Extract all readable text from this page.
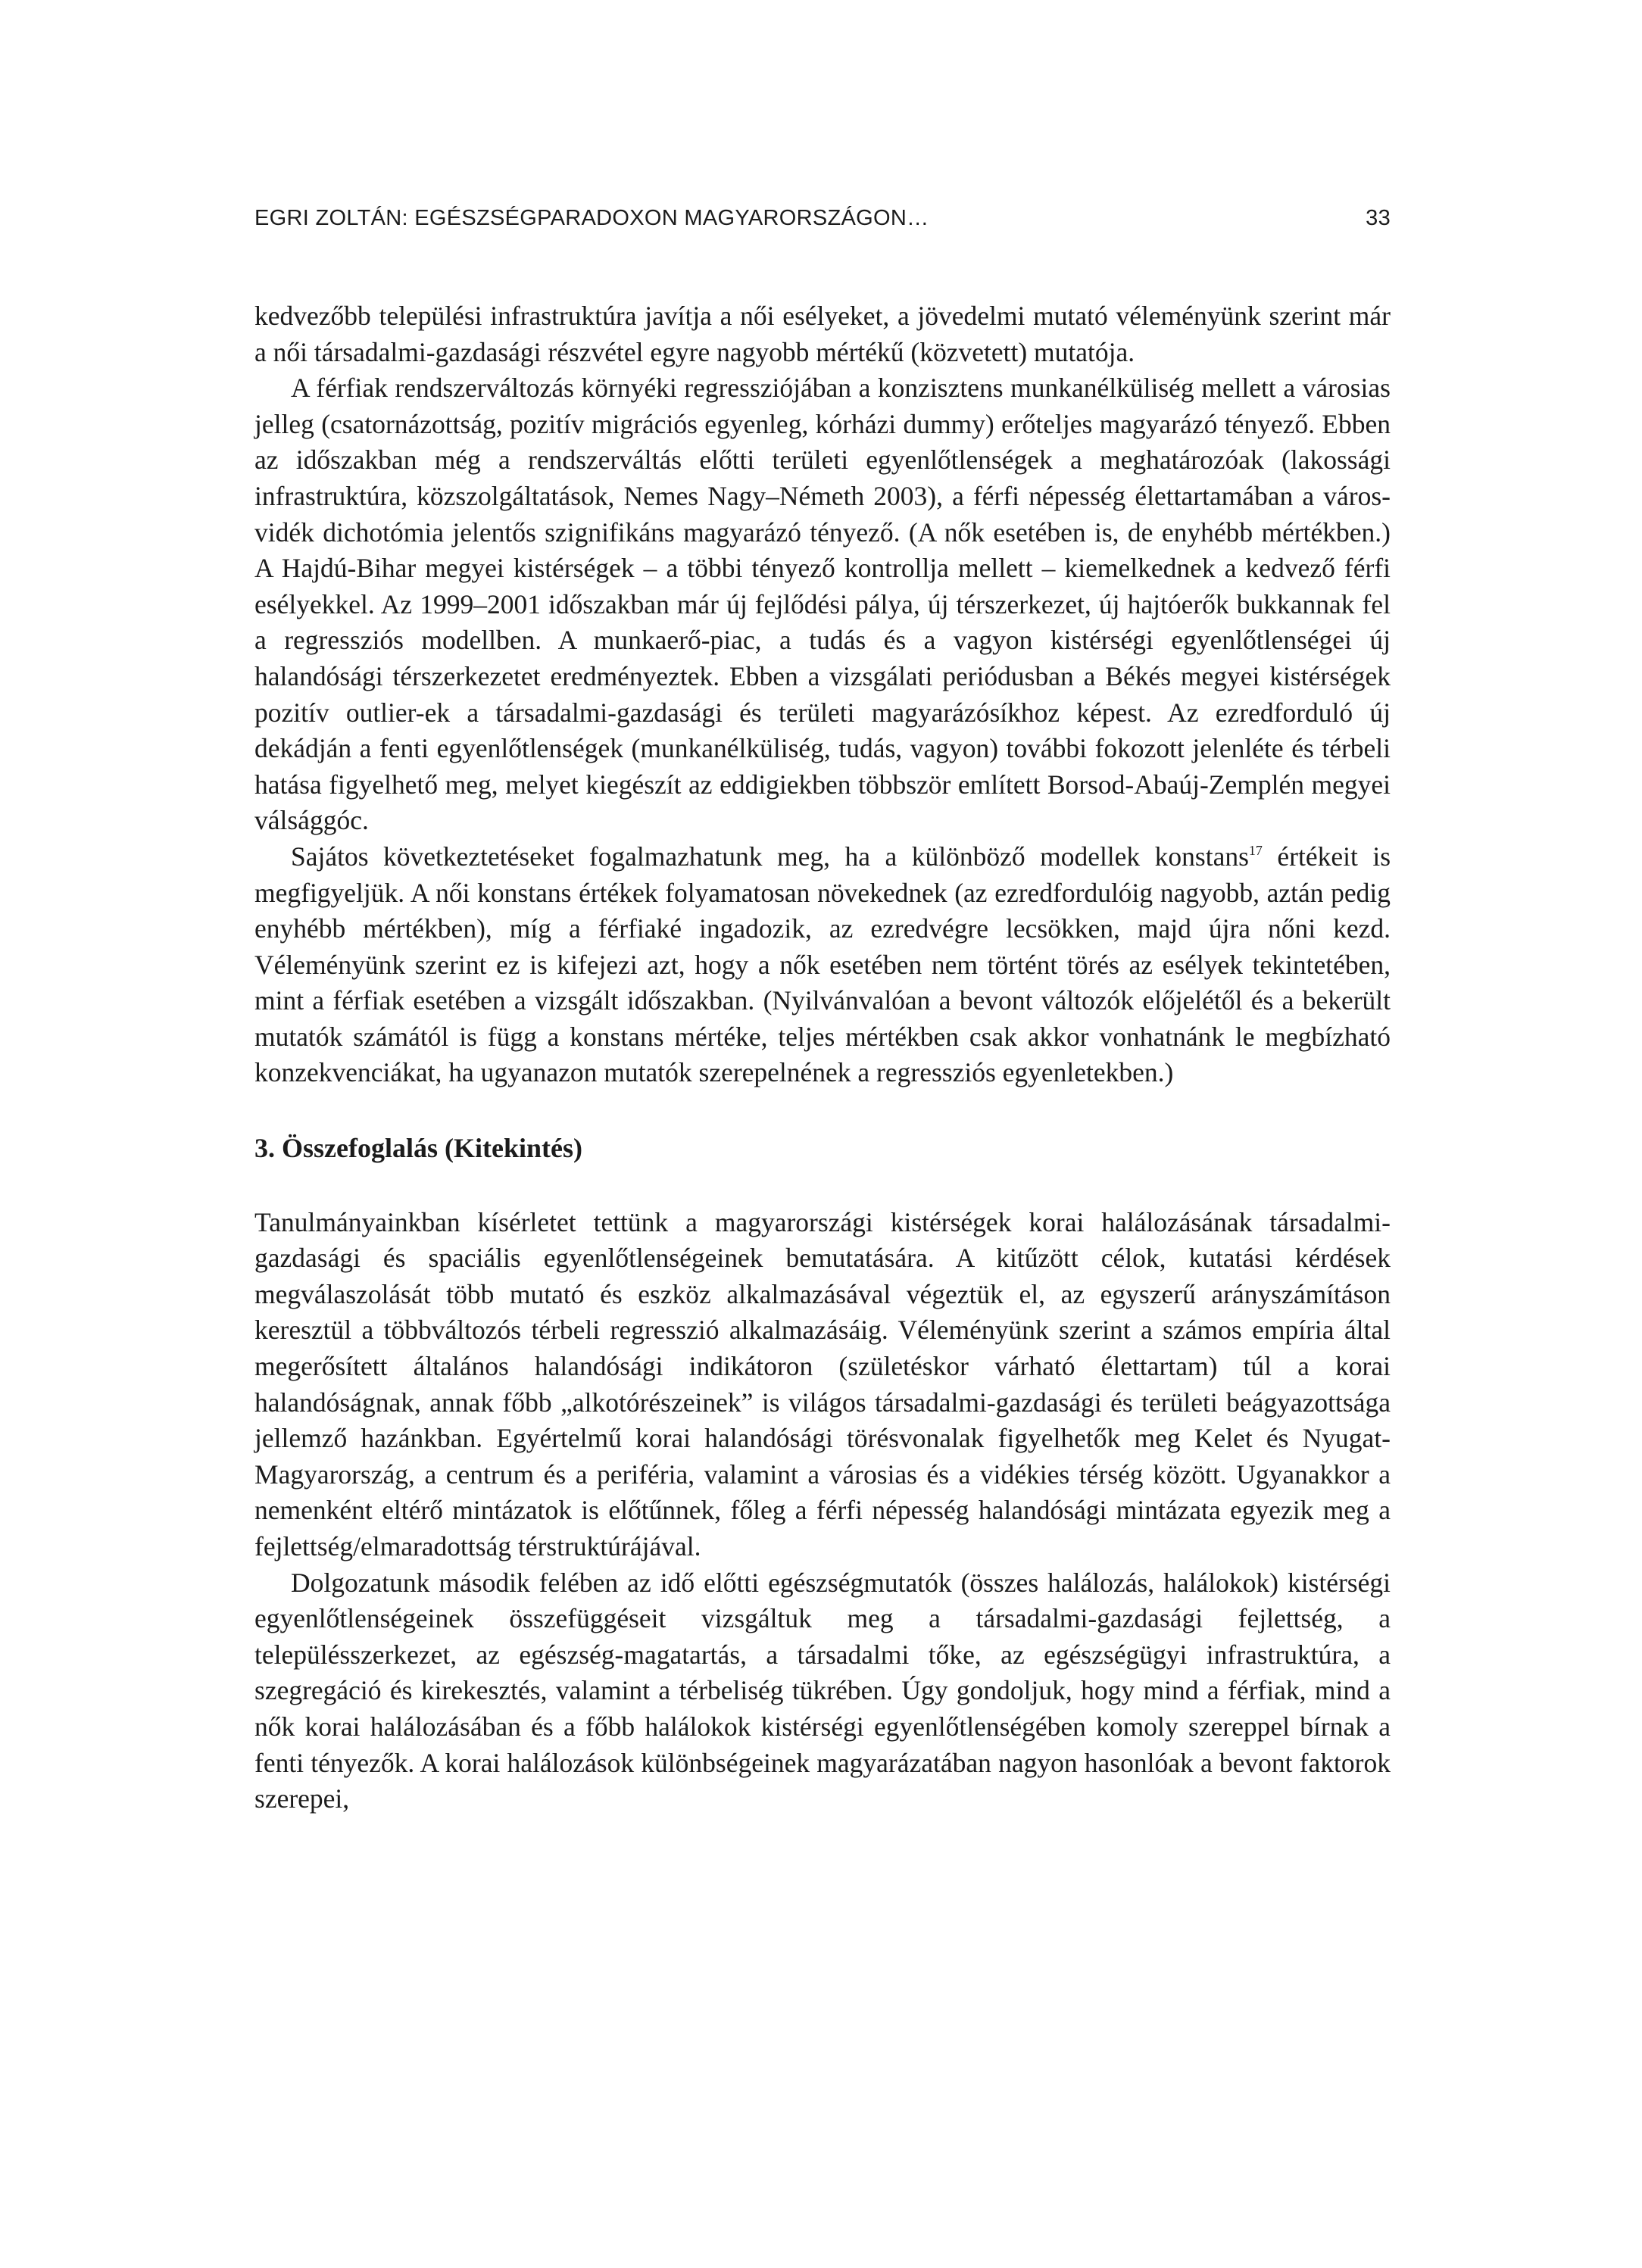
EGRI ZOLTÁN: EGÉSZSÉGPARADOXON MAGYARORSZÁGON…	33

kedvezőbb települési infrastruktúra javítja a női esélyeket, a jövedelmi mutató véleményünk szerint már a női társadalmi-gazdasági részvétel egyre nagyobb mértékű (közvetett) mutatója.

A férfiak rendszerváltozás környéki regressziójában a konzisztens munkanélküliség mellett a városias jelleg (csatornázottság, pozitív migrációs egyenleg, kórházi dummy) erőteljes magyarázó tényező. Ebben az időszakban még a rendszerváltás előtti területi egyenlőtlenségek a meghatározóak (lakossági infrastruktúra, közszolgáltatások, Nemes Nagy–Németh 2003), a férfi népesség élettartamában a város-vidék dichotómia jelentős szignifikáns magyarázó tényező. (A nők esetében is, de enyhébb mértékben.) A Hajdú-Bihar megyei kistérségek – a többi tényező kontrollja mellett – kiemelkednek a kedvező férfi esélyekkel. Az 1999–2001 időszakban már új fejlődési pálya, új térszerkezet, új hajtóerők bukkannak fel a regressziós modellben. A munkaerő-piac, a tudás és a vagyon kistérségi egyenlőtlenségei új halandósági térszerkezetet eredményeztek. Ebben a vizsgálati periódusban a Békés megyei kistérségek pozitív outlier-ek a társadalmi-gazdasági és területi magyarázósíkhoz képest. Az ezredforduló új dekádján a fenti egyenlőtlenségek (munkanélküliség, tudás, vagyon) további fokozott jelenléte és térbeli hatása figyelhető meg, melyet kiegészít az eddigiekben többször említett Borsod-Abaúj-Zemplén megyei válsággóc.

Sajátos következtetéseket fogalmazhatunk meg, ha a különböző modellek konstans$^{17}$ értékeit is megfigyeljük. A női konstans értékek folyamatosan növekednek (az ezredfordulóig nagyobb, aztán pedig enyhébb mértékben), míg a férfiaké ingadozik, az ezredvégre lecsökken, majd újra nőni kezd. Véleményünk szerint ez is kifejezi azt, hogy a nők esetében nem történt törés az esélyek tekintetében, mint a férfiak esetében a vizsgált időszakban. (Nyilvánvalóan a bevont változók előjelétől és a bekerült mutatók számától is függ a konstans mértéke, teljes mértékben csak akkor vonhatnánk le megbízható konzekvenciákat, ha ugyanazon mutatók szerepelnének a regressziós egyenletekben.)

3. Összefoglalás (Kitekintés)

Tanulmányainkban kísérletet tettünk a magyarországi kistérségek korai halálozásának társadalmi-gazdasági és spaciális egyenlőtlenségeinek bemutatására. A kitűzött célok, kutatási kérdések megválaszolását több mutató és eszköz alkalmazásával végeztük el, az egyszerű arányszámításon keresztül a többváltozós térbeli regresszió alkalmazásáig. Véleményünk szerint a számos empíria által megerősített általános halandósági indikátoron (születéskor várható élettartam) túl a korai halandóságnak, annak főbb „alkotórészeinek” is világos társadalmi-gazdasági és területi beágyazottsága jellemző hazánkban. Egyértelmű korai halandósági törésvonalak figyelhetők meg Kelet és Nyugat-Magyarország, a centrum és a periféria, valamint a városias és a vidékies térség között. Ugyanakkor a nemenként eltérő mintázatok is előtűnnek, főleg a férfi népesség halandósági mintázata egyezik meg a fejlettség/elmaradottság térstruktúrájával.

Dolgozatunk második felében az idő előtti egészségmutatók (összes halálozás, halálokok) kistérségi egyenlőtlenségeinek összefüggéseit vizsgáltuk meg a társadalmi-gazdasági fejlettség, a településszerkezet, az egészség-magatartás, a társadalmi tőke, az egészségügyi infrastruktúra, a szegregáció és kirekesztés, valamint a térbeliség tükrében. Úgy gondoljuk, hogy mind a férfiak, mind a nők korai halálozásában és a főbb halálokok kistérségi egyenlőtlenségében komoly szereppel bírnak a fenti tényezők. A korai halálozások különbségeinek magyarázatában nagyon hasonlóak a bevont faktorok szerepei,
